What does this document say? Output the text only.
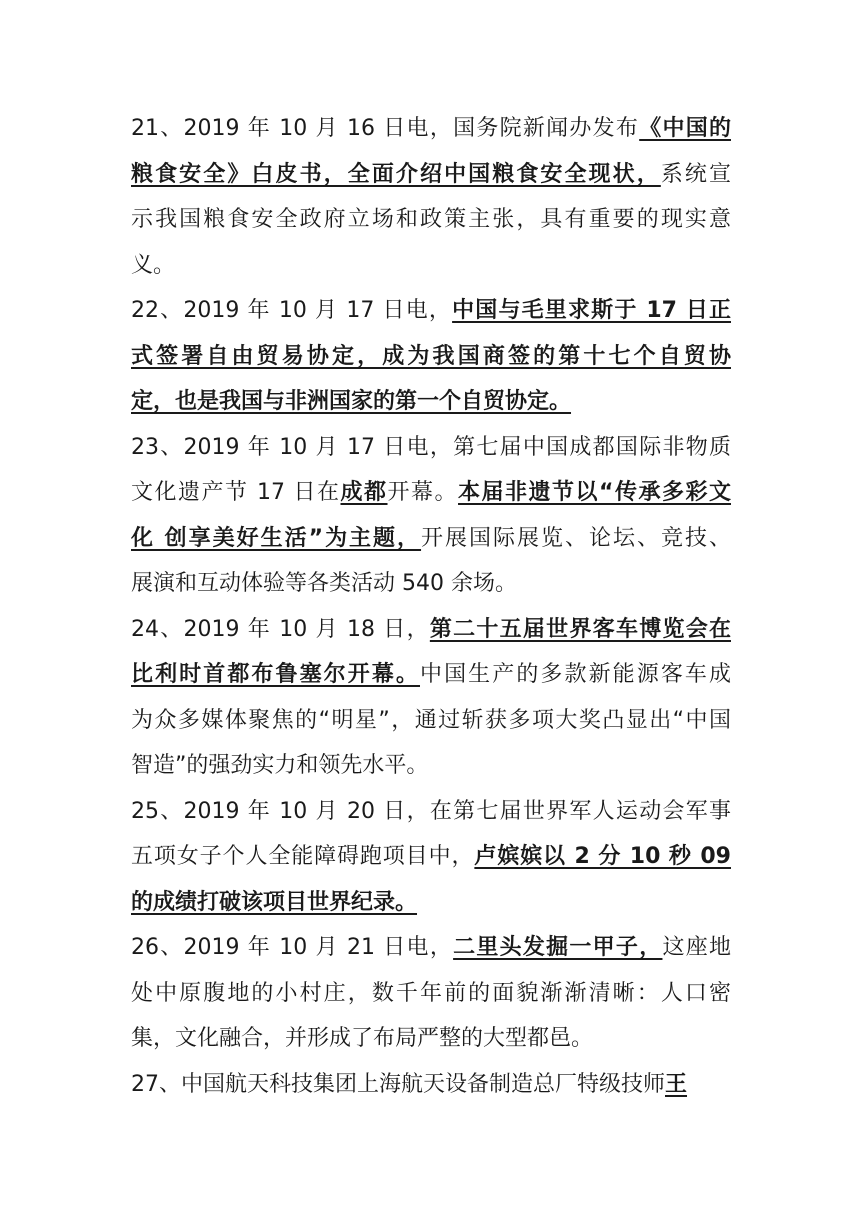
21、2019 年 10 月 16 日电，国务院新闻办发布《中国的
粮食安全》白皮书，全面介绍中国粮食安全现状，系统宣
示我国粮食安全政府立场和政策主张，具有重要的现实意
义。
22、2019 年 10 月 17 日电，中国与毛里求斯于 17 日正
式签署自由贸易协定，成为我国商签的第十七个自贸协
定，也是我国与非洲国家的第一个自贸协定。
23、2019 年 10 月 17 日电，第七届中国成都国际非物质
文化遗产节 17 日在成都开幕。本届非遗节以“传承多彩文
化 创享美好生活”为主题，开展国际展览、论坛、竞技、
展演和互动体验等各类活动 540 余场。
24、2019 年 10 月 18 日，第二十五届世界客车博览会在
比利时首都布鲁塞尔开幕。中国生产的多款新能源客车成
为众多媒体聚焦的“明星”，通过斩获多项大奖凸显出“中国
智造”的强劲实力和领先水平。
25、2019 年 10 月 20 日，在第七届世界军人运动会军事
五项女子个人全能障碍跑项目中，卢嫔嫔以 2 分 10 秒 09
的成绩打破该项目世界纪录。
26、2019 年 10 月 21 日电，二里头发掘一甲子，这座地
处中原腹地的小村庄，数千年前的面貌渐渐清晰：人口密
集，文化融合，并形成了布局严整的大型都邑。
27、中国航天科技集团上海航天设备制造总厂特级技师王
